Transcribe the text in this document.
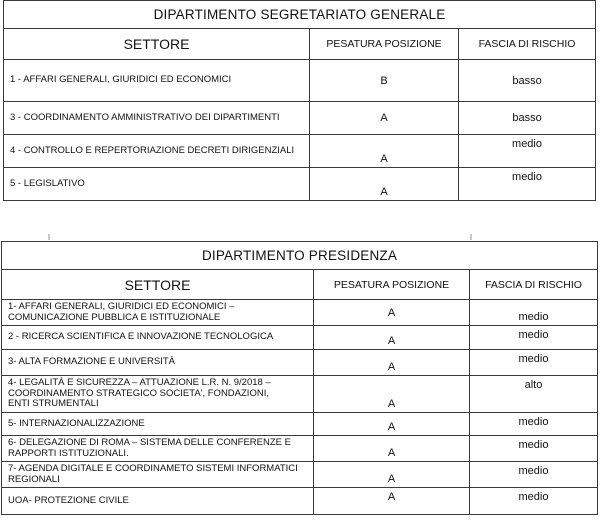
DIPARTIMENTO SEGRETARIATO GENERALE		
SETTORE	PESATURA POSIZIONE	FASCIA DI RISCHIO
1 - AFFARI GENERALI, GIURIDICI ED ECONOMICI	B	basso
3 - COORDINAMENTO AMMINISTRATIVO DEI DIPARTIMENTI	A	basso
4 - CONTROLLO E REPERTORIAZIONE DECRETI DIRIGENZIALI	A	medio
5 - LEGISLATIVO	A	medio
DIPARTIMENTO PRESIDENZA		
SETTORE	PESATURA POSIZIONE	FASCIA DI RISCHIO

1- AFFARI GENERALI, GIURIDICI ED ECONOMICI –
COMUNICAZIONE PUBBLICA E ISTITUZIONALE	A	medio

2 - RICERCA SCIENTIFICA E INNOVAZIONE TECNOLOGICA	A	medio

3- ALTA FORMAZIONE E UNIVERSITÀ	A	medio

4- LEGALITÀ E SICUREZZA – ATTUAZIONE L.R. N. 9/2018 –
COORDINAMENTO STRATEGICO SOCIETA', FONDAZIONI,
ENTI STRUMENTALI	A	alto

5- INTERNAZIONALIZZAZIONE	A	medio

6- DELEGAZIONE DI ROMA – SISTEMA DELLE CONFERENZE E
RAPPORTI ISTITUZIONALI.	A	medio

7- AGENDA DIGITALE E COORDINAMETO SISTEMI INFORMATICI
REGIONALI	A	medio

UOA- PROTEZIONE CIVILE	A	medio
